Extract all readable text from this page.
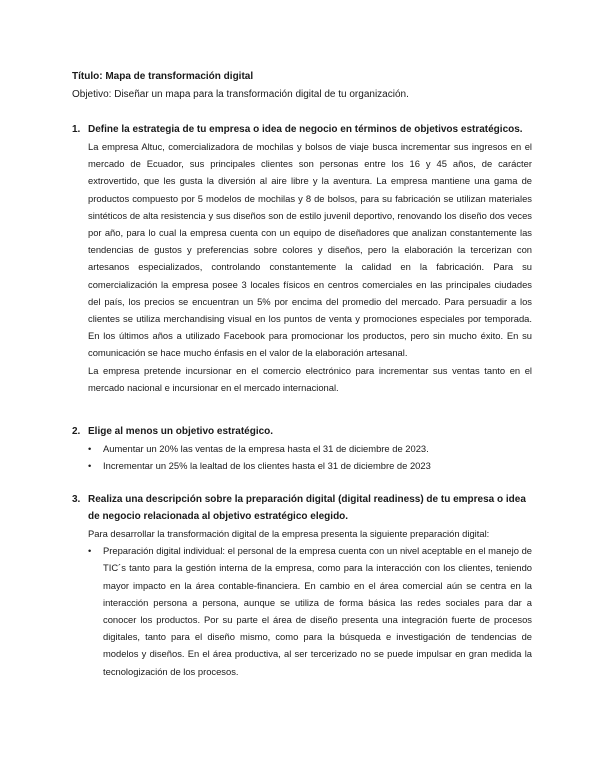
Título: Mapa de transformación digital
Objetivo: Diseñar un mapa para la transformación digital de tu organización.
1. Define la estrategia de tu empresa o idea de negocio en términos de objetivos estratégicos.
La empresa Altuc, comercializadora de mochilas y bolsos de viaje busca incrementar sus ingresos en el mercado de Ecuador, sus principales clientes son personas entre los 16 y 45 años, de carácter extrovertido, que les gusta la diversión al aire libre y la aventura. La empresa mantiene una gama de productos compuesto por 5 modelos de mochilas y 8 de bolsos, para su fabricación se utilizan materiales sintéticos de alta resistencia y sus diseños son de estilo juvenil deportivo, renovando los diseño dos veces por año, para lo cual la empresa cuenta con un equipo de diseñadores que analizan constantemente las tendencias de gustos y preferencias sobre colores y diseños, pero la elaboración la tercerizan con artesanos especializados, controlando constantemente la calidad en la fabricación. Para su comercialización la empresa posee 3 locales físicos en centros comerciales en las principales ciudades del país, los precios se encuentran un 5% por encima del promedio del mercado. Para persuadir a los clientes se utiliza merchandising visual en los puntos de venta y promociones especiales por temporada. En los últimos años a utilizado Facebook para promocionar los productos, pero sin mucho éxito. En su comunicación se hace mucho énfasis en el valor de la elaboración artesanal.
La empresa pretende incursionar en el comercio electrónico para incrementar sus ventas tanto en el mercado nacional e incursionar en el mercado internacional.
2. Elige al menos un objetivo estratégico.
• Aumentar un 20% las ventas de la empresa hasta el 31 de diciembre de 2023.
• Incrementar un 25% la lealtad de los clientes hasta el 31 de diciembre de 2023
3. Realiza una descripción sobre la preparación digital (digital readiness) de tu empresa o idea de negocio relacionada al objetivo estratégico elegido.
Para desarrollar la transformación digital de la empresa presenta la siguiente preparación digital:
• Preparación digital individual: el personal de la empresa cuenta con un nivel aceptable en el manejo de TIC´s tanto para la gestión interna de la empresa, como para la interacción con los clientes, teniendo mayor impacto en la área contable-financiera. En cambio en el área comercial aún se centra en la interacción persona a persona, aunque se utiliza de forma básica las redes sociales para dar a conocer los productos. Por su parte el área de diseño presenta una integración fuerte de procesos digitales, tanto para el diseño mismo, como para la búsqueda e investigación de tendencias de modelos y diseños. En el área productiva, al ser tercerizado no se puede impulsar en gran medida la tecnologización de los procesos.
